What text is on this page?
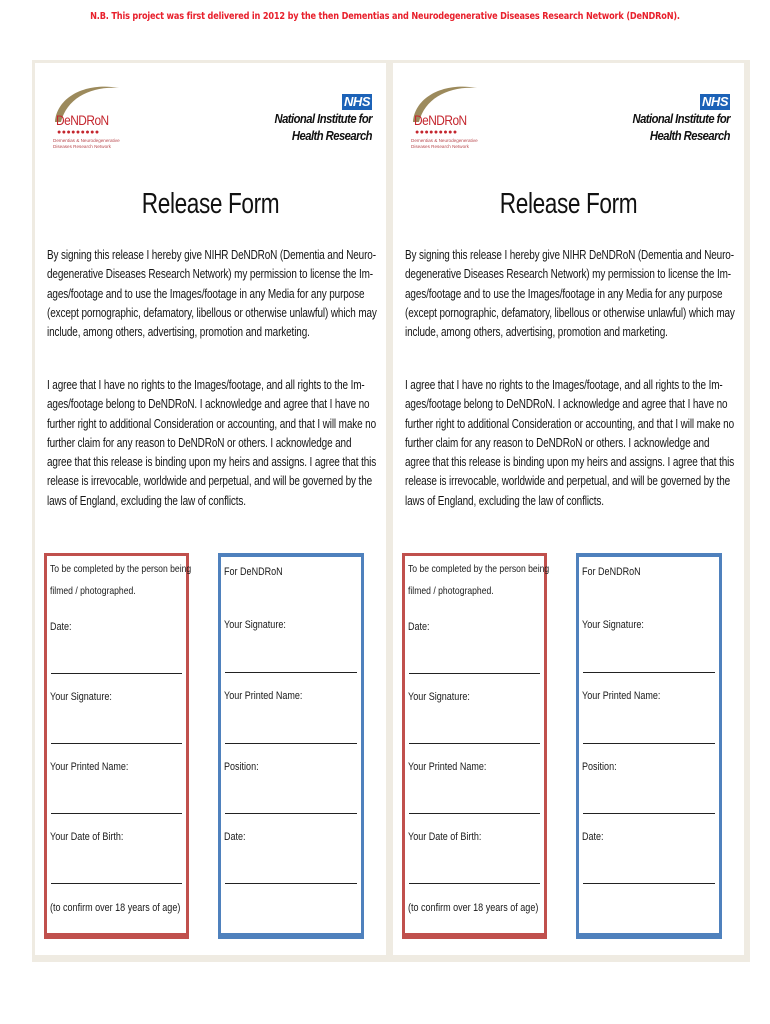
N.B. This project was first delivered in 2012 by the then Dementias and Neurodegenerative Diseases Research Network (DeNDRoN).
DeNDRoN
●●●●●●●●●
Dementias & Neurodegenerative Diseases Research Network
NHS
National Institute for
Health Research
Release Form
By signing this release I hereby give NIHR DeNDRoN (Dementia and Neuro-degenerative Diseases Research Network) my permission to license the Im-ages/footage and to use the Images/footage in any Media for any purpose (except pornographic, defamatory, libellous or otherwise unlawful) which may include, among others, advertising, promotion and marketing.
I agree that I have no rights to the Images/footage, and all rights to the Im-ages/footage belong to DeNDRoN. I acknowledge and agree that I have no further right to additional Consideration or accounting, and that I will make no further claim for any reason to DeNDRoN or others. I acknowledge and agree that this release is binding upon my heirs and assigns. I agree that this release is irrevocable, worldwide and perpetual, and will be governed by the laws of England, excluding the law of conflicts.
To be completed by the person being
filmed / photographed.
Date:
Your Signature:
Your Printed Name:
Your Date of Birth:
(to confirm over 18 years of age)
For DeNDRoN
Your Signature:
Your Printed Name:
Position:
Date:
DeNDRoN
●●●●●●●●●
Dementias & Neurodegenerative Diseases Research Network
NHS
National Institute for
Health Research
Release Form
By signing this release I hereby give NIHR DeNDRoN (Dementia and Neuro-degenerative Diseases Research Network) my permission to license the Im-ages/footage and to use the Images/footage in any Media for any purpose (except pornographic, defamatory, libellous or otherwise unlawful) which may include, among others, advertising, promotion and marketing.
I agree that I have no rights to the Images/footage, and all rights to the Im-ages/footage belong to DeNDRoN. I acknowledge and agree that I have no further right to additional Consideration or accounting, and that I will make no further claim for any reason to DeNDRoN or others. I acknowledge and agree that this release is binding upon my heirs and assigns. I agree that this release is irrevocable, worldwide and perpetual, and will be governed by the laws of England, excluding the law of conflicts.
To be completed by the person being
filmed / photographed.
Date:
Your Signature:
Your Printed Name:
Your Date of Birth:
(to confirm over 18 years of age)
For DeNDRoN
Your Signature:
Your Printed Name:
Position:
Date:
